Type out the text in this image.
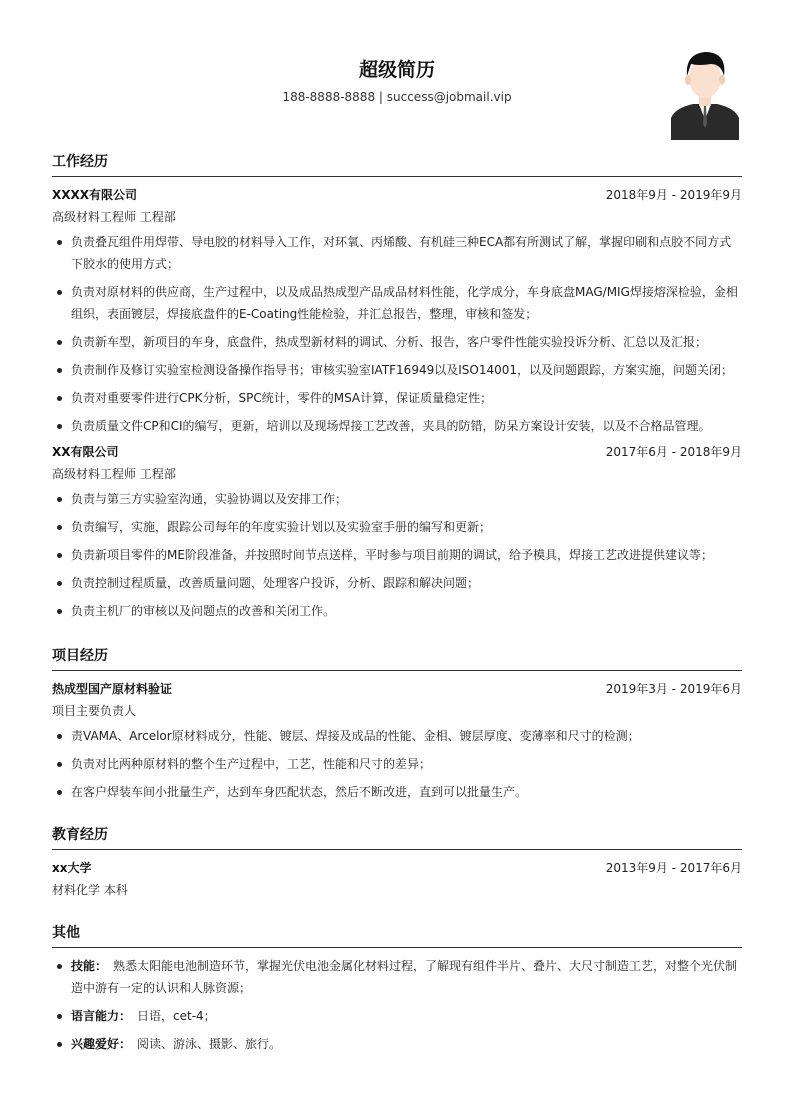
超级简历
188-8888-8888 | success@jobmail.vip
工作经历
XXXX有限公司	2018年9月 - 2019年9月
高级材料工程师 工程部
负责叠瓦组件用焊带、导电胶的材料导入工作，对环氧、丙烯酸、有机硅三种ECA都有所测试了解，掌握印刷和点胶不同方式下胶水的使用方式；
负责对原材料的供应商，生产过程中，以及成品热成型产品成品材料性能，化学成分，车身底盘MAG/MIG焊接熔深检验，金相组织，表面镀层，焊接底盘件的E-Coating性能检验，并汇总报告，整理，审核和签发；
负责新车型，新项目的车身，底盘件，热成型新材料的调试、分析、报告，客户零件性能实验投诉分析、汇总以及汇报；
负责制作及修订实验室检测设备操作指导书；审核实验室IATF16949以及ISO14001，以及问题跟踪，方案实施，问题关闭；
负责对重要零件进行CPK分析，SPC统计，零件的MSA计算，保证质量稳定性；
负责质量文件CP和CI的编写，更新，培训以及现场焊接工艺改善，夹具的防错，防呆方案设计安装，以及不合格品管理。
XX有限公司	2017年6月 - 2018年9月
高级材料工程师 工程部
负责与第三方实验室沟通，实验协调以及安排工作；
负责编写，实施，跟踪公司每年的年度实验计划以及实验室手册的编写和更新；
负责新项目零件的ME阶段准备，并按照时间节点送样，平时参与项目前期的调试，给予模具，焊接工艺改进提供建议等；
负责控制过程质量，改善质量问题，处理客户投诉，分析、跟踪和解决问题；
负责主机厂的审核以及问题点的改善和关闭工作。
项目经历
热成型国产原材料验证	2019年3月 - 2019年6月
项目主要负责人
责VAMA、Arcelor原材料成分，性能、镀层、焊接及成品的性能、金相、镀层厚度、变薄率和尺寸的检测；
负责对比两种原材料的整个生产过程中，工艺，性能和尺寸的差异；
在客户焊装车间小批量生产，达到车身匹配状态，然后不断改进，直到可以批量生产。
教育经历
xx大学	2013年9月 - 2017年6月
材料化学 本科
其他
技能： 熟悉太阳能电池制造环节，掌握光伏电池金属化材料过程，了解现有组件半片、叠片、大尺寸制造工艺，对整个光伏制造中游有一定的认识和人脉资源；
语言能力： 日语，cet-4；
兴趣爱好： 阅读、游泳、摄影、旅行。
